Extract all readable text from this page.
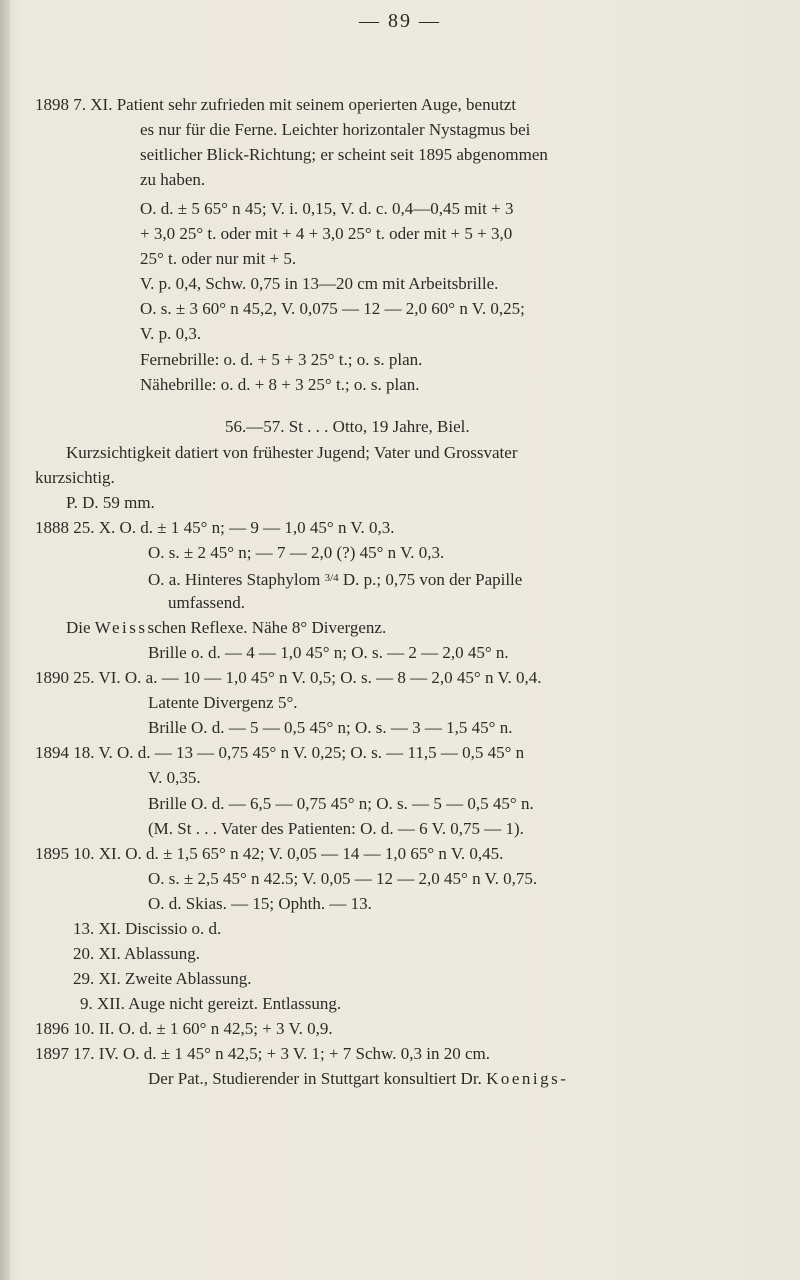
— 89 —
1898 7. XI. Patient sehr zufrieden mit seinem operierten Auge, benutzt
es nur für die Ferne. Leichter horizontaler Nystagmus bei
seitlicher Blick-Richtung; er scheint seit 1895 abgenommen
zu haben.
O. d. ± 5 65° n 45; V. i. 0,15, V. d. c. 0,4—0,45 mit + 3
+ 3,0 25° t. oder mit + 4 + 3,0 25° t. oder mit + 5 + 3,0
25° t. oder nur mit + 5.
V. p. 0,4, Schw. 0,75 in 13—20 cm mit Arbeitsbrille.
O. s. ± 3 60° n 45,2, V. 0,075 — 12 — 2,0 60° n V. 0,25;
V. p. 0,3.
Fernebrille: o. d. + 5 + 3 25° t.; o. s. plan.
Nähebrille: o. d. + 8 + 3 25° t.; o. s. plan.
56.—57. St . . . Otto, 19 Jahre, Biel.
Kurzsichtigkeit datiert von frühester Jugend; Vater und Grossvater
kurzsichtig.
P. D. 59 mm.
1888 25. X. O. d. ± 1 45° n; — 9 — 1,0 45° n V. 0,3.
O. s. ± 2 45° n; — 7 — 2,0 (?) 45° n V. 0,3.
O. a. Hinteres Staphylom $^{3/4}$ D. p.; 0,75 von der Papille
umfassend.
Die Weissschen Reflexe. Nähe 8° Divergenz.
Brille o. d. — 4 — 1,0 45° n; O. s. — 2 — 2,0 45° n.
1890 25. VI. O. a. — 10 — 1,0 45° n V. 0,5; O. s. — 8 — 2,0 45° n V. 0,4.
Latente Divergenz 5°.
Brille O. d. — 5 — 0,5 45° n; O. s. — 3 — 1,5 45° n.
1894 18. V. O. d. — 13 — 0,75 45° n V. 0,25; O. s. — 11,5 — 0,5 45° n
V. 0,35.
Brille O. d. — 6,5 — 0,75 45° n; O. s. — 5 — 0,5 45° n.
(M. St . . . Vater des Patienten: O. d. — 6 V. 0,75 — 1).
1895 10. XI. O. d. ± 1,5 65° n 42; V. 0,05 — 14 — 1,0 65° n V. 0,45.
O. s. ± 2,5 45° n 42.5; V. 0,05 — 12 — 2,0 45° n V. 0,75.
O. d. Skias. — 15; Ophth. — 13.
13. XI. Discissio o. d.
20. XI. Ablassung.
29. XI. Zweite Ablassung.
9. XII. Auge nicht gereizt. Entlassung.
1896 10. II. O. d. ± 1 60° n 42,5; + 3 V. 0,9.
1897 17. IV. O. d. ± 1 45° n 42,5; + 3 V. 1; + 7 Schw. 0,3 in 20 cm.
Der Pat., Studierender in Stuttgart konsultiert Dr. Koenigs-
